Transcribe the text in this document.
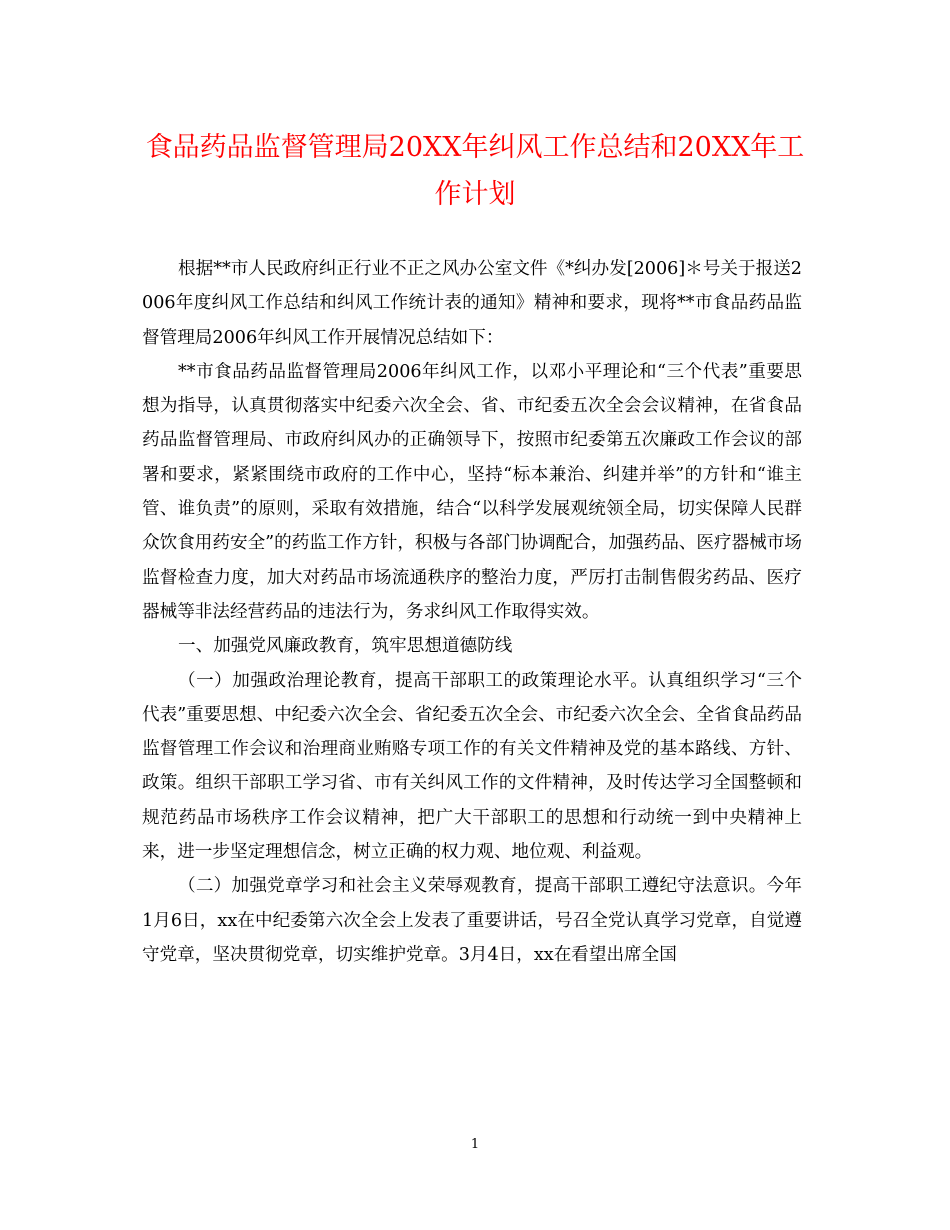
食品药品监督管理局20XX年纠风工作总结和20XX年工作计划

根据**市人民政府纠正行业不正之风办公室文件《*纠办发[2006]＊号关于报送2006年度纠风工作总结和纠风工作统计表的通知》精神和要求，现将**市食品药品监督管理局2006年纠风工作开展情况总结如下：

**市食品药品监督管理局2006年纠风工作，以邓小平理论和“三个代表”重要思想为指导，认真贯彻落实中纪委六次全会、省、市纪委五次全会会议精神，在省食品药品监督管理局、市政府纠风办的正确领导下，按照市纪委第五次廉政工作会议的部署和要求，紧紧围绕市政府的工作中心，坚持“标本兼治、纠建并举”的方针和“谁主管、谁负责”的原则，采取有效措施，结合“以科学发展观统领全局，切实保障人民群众饮食用药安全”的药监工作方针，积极与各部门协调配合，加强药品、医疗器械市场监督检查力度，加大对药品市场流通秩序的整治力度，严厉打击制售假劣药品、医疗器械等非法经营药品的违法行为，务求纠风工作取得实效。

一、加强党风廉政教育，筑牢思想道德防线

（一）加强政治理论教育，提高干部职工的政策理论水平。认真组织学习“三个代表”重要思想、中纪委六次全会、省纪委五次全会、市纪委六次全会、全省食品药品监督管理工作会议和治理商业贿赂专项工作的有关文件精神及党的基本路线、方针、政策。组织干部职工学习省、市有关纠风工作的文件精神，及时传达学习全国整顿和规范药品市场秩序工作会议精神，把广大干部职工的思想和行动统一到中央精神上来，进一步坚定理想信念，树立正确的权力观、地位观、利益观。

（二）加强党章学习和社会主义荣辱观教育，提高干部职工遵纪守法意识。今年1月6日，xx在中纪委第六次全会上发表了重要讲话，号召全党认真学习党章，自觉遵守党章，坚决贯彻党章，切实维护党章。3月4日，xx在看望出席全国

1
